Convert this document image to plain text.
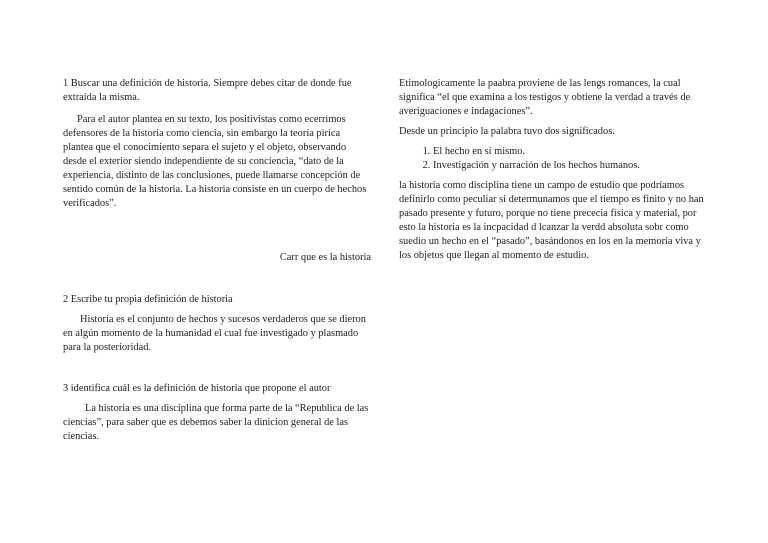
1 Buscar una definición de historia. Siempre debes citar de donde fue extraída la misma.

Para el autor plantea en su texto, los positivistas como ecerrimos defensores de la historia como ciencia, sin embargo la teoría pirica plantea que el conocimiento separa el sujeto y el objeto, observando desde el exterior siendo independiente de su conciencia, “dato de la experiencia, distinto de las conclusiones, puede llamarse concepción de sentido común de la historia. La historia consiste en un cuerpo de hechos verificados”.

Carr que es la historia

2 Escribe tu propia definición de historia

Historia es el conjunto de hechos y sucesos verdaderos que se dieron en algún momento de la humanidad el cual fue investigado y plasmado para la posterioridad.

3 identifica cuál es la definición de historia que propone el autor

La historia es una disciplina que forma parte de la “Republica de las ciencias”, para saber que es debemos saber la dinicion general de las ciencias.

Etimologicamente la paabra proviene de las lengs romances, la cual significa “el que examina a los testigos y obtiene la verdad a través de averiguaciones e indagaciones”.

Desde un principio la palabra tuvo dos significados.

1. El hecho en si mismo.
2. Investigación y narración de los hechos humanos.

la historia como disciplina tiene un campo de estudio que podríamos definirlo como peculiar si determunamos que el tiempo es finito y no han pasado presente y futuro, porque no tiene prececia física y material, por esto la historia es la incpacidad d lcanzar la verdd absoluta sobr como suedio un hecho en el “pasado”, basándonos en los en la memoria viva y los objetos que llegan al momento de estudio.
